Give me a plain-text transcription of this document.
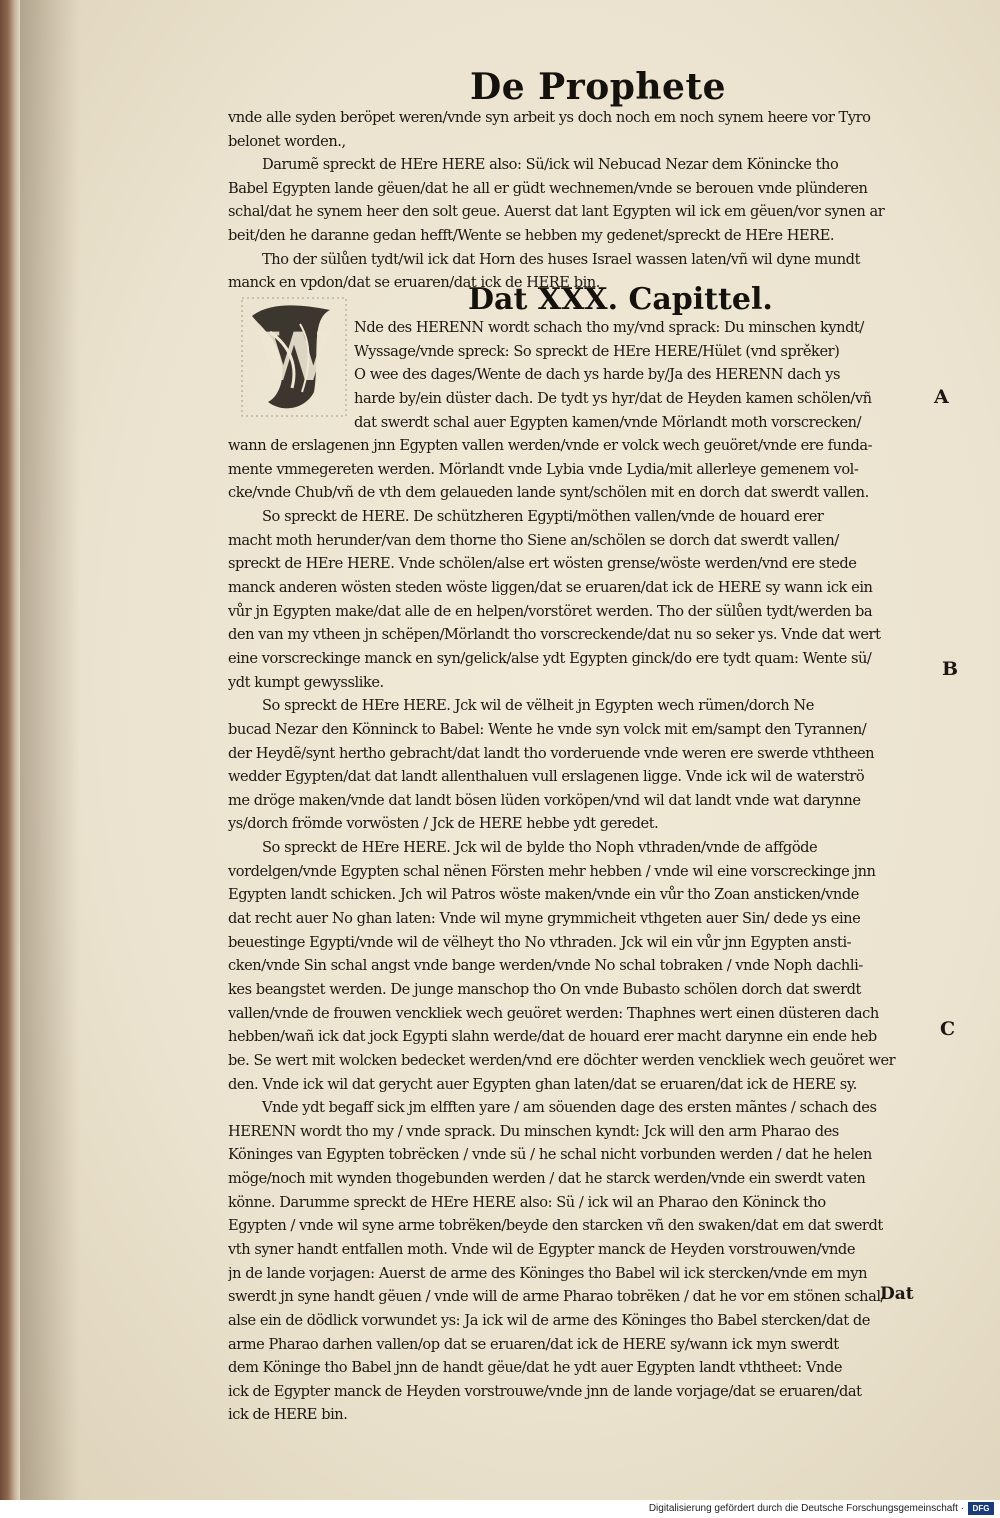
De Prophete
vnde alle syden beröpet weren/vnde syn arbeit ys doch noch em noch synem heere vor Tyro
belonet worden.,
Darumẽ spreckt de HEre HERE also: Sü/ick wil Nebucad Nezar dem Könincke tho
Babel Egypten lande gëuen/dat he all er güdt wechnemen/vnde se berouen vnde plünderen
schal/dat he synem heer den solt geue. Auerst dat lant Egypten wil ick em gëuen/vor synen ar
beit/den he daranne gedan hefft/Wente se hebben my gedenet/spreckt de HEre HERE.
Tho der sülůen tydt/wil ick dat Horn des huses Israel wassen laten/vñ wil dyne mundt
manck en vpdon/dat se eruaren/dat ick de HERE bin.
Dat XXX. Capittel.
W	Nde des HERENN wordt schach tho my/vnd sprack: Du minschen kyndt/
Wyssage/vnde spreck: So spreckt de HEre HERE/Hület (vnd sprěker)
O wee des dages/Wente de dach ys harde by/Ja des HERENN dach ys
harde by/ein düster dach. De tydt ys hyr/dat de Heyden kamen schölen/vñ
dat swerdt schal auer Egypten kamen/vnde Mörlandt moth vorscrecken/
wann de erslagenen jnn Egypten vallen werden/vnde er volck wech geuöret/vnde ere funda-
mente vmmegereten werden. Mörlandt vnde Lybia vnde Lydia/mit allerleye gemenem vol-
cke/vnde Chub/vñ de vth dem gelaueden lande synt/schölen mit en dorch dat swerdt vallen.
So spreckt de HERE. De schützheren Egypti/möthen vallen/vnde de houard erer
macht moth herunder/van dem thorne tho Siene an/schölen se dorch dat swerdt vallen/
spreckt de HEre HERE. Vnde schölen/alse ert wösten grense/wöste werden/vnd ere stede
manck anderen wösten steden wöste liggen/dat se eruaren/dat ick de HERE sy wann ick ein
vůr jn Egypten make/dat alle de en helpen/vorstöret werden. Tho der sülůen tydt/werden ba
den van my vtheen jn schëpen/Mörlandt tho vorscreckende/dat nu so seker ys. Vnde dat wert
eine vorscreckinge manck en syn/gelick/alse ydt Egypten ginck/do ere tydt quam: Wente sü/
ydt kumpt gewysslike.
So spreckt de HEre HERE. Jck wil de vëlheit jn Egypten wech rümen/dorch Ne
bucad Nezar den Könninck to Babel: Wente he vnde syn volck mit em/sampt den Tyrannen/
der Heydẽ/synt hertho gebracht/dat landt tho vorderuende vnde weren ere swerde vththeen
wedder Egypten/dat dat landt allenthaluen vull erslagenen ligge. Vnde ick wil de waterströ
me dröge maken/vnde dat landt bösen lüden vorköpen/vnd wil dat landt vnde wat darynne
ys/dorch frömde vorwösten / Jck de HERE hebbe ydt geredet.
So spreckt de HEre HERE. Jck wil de bylde tho Noph vthraden/vnde de affgöde
vordelgen/vnde Egypten schal nënen Försten mehr hebben / vnde wil eine vorscreckinge jnn
Egypten landt schicken. Jch wil Patros wöste maken/vnde ein vůr tho Zoan ansticken/vnde
dat recht auer No ghan laten: Vnde wil myne grymmicheit vthgeten auer Sin/ dede ys eine
beuestinge Egypti/vnde wil de vëlheyt tho No vthraden. Jck wil ein vůr jnn Egypten ansti-
cken/vnde Sin schal angst vnde bange werden/vnde No schal tobraken / vnde Noph dachli-
kes beangstet werden. De junge manschop tho On vnde Bubasto schölen dorch dat swerdt
vallen/vnde de frouwen venckliek wech geuöret werden: Thaphnes wert einen düsteren dach
hebben/wañ ick dat jock Egypti slahn werde/dat de houard erer macht darynne ein ende heb
be. Se wert mit wolcken bedecket werden/vnd ere döchter werden venckliek wech geuöret wer
den. Vnde ick wil dat gerycht auer Egypten ghan laten/dat se eruaren/dat ick de HERE sy.
Vnde ydt begaff sick jm elfften yare / am söuenden dage des ersten mãntes / schach des
HERENN wordt tho my / vnde sprack. Du minschen kyndt: Jck will den arm Pharao des
Köninges van Egypten tobrëcken / vnde sü / he schal nicht vorbunden werden / dat he helen
möge/noch mit wynden thogebunden werden / dat he starck werden/vnde ein swerdt vaten
könne. Darumme spreckt de HEre HERE also: Sü / ick wil an Pharao den Köninck tho
Egypten / vnde wil syne arme tobrëken/beyde den starcken vñ den swaken/dat em dat swerdt
vth syner handt entfallen moth. Vnde wil de Egypter manck de Heyden vorstrouwen/vnde
jn de lande vorjagen: Auerst de arme des Köninges tho Babel wil ick stercken/vnde em myn
swerdt jn syne handt gëuen / vnde will de arme Pharao tobrëken / dat he vor em stönen schal/
alse ein de dödlick vorwundet ys: Ja ick wil de arme des Köninges tho Babel stercken/dat de
arme Pharao darhen vallen/op dat se eruaren/dat ick de HERE sy/wann ick myn swerdt
dem Köninge tho Babel jnn de handt gëue/dat he ydt auer Egypten landt vththeet: Vnde
ick de Egypter manck de Heyden vorstrouwe/vnde jnn de lande vorjage/dat se eruaren/dat
ick de HERE bin.
A
B
C
Dat
Digitalisierung gefördert durch die Deutsche Forschungsgemeinschaft ·	DFG
